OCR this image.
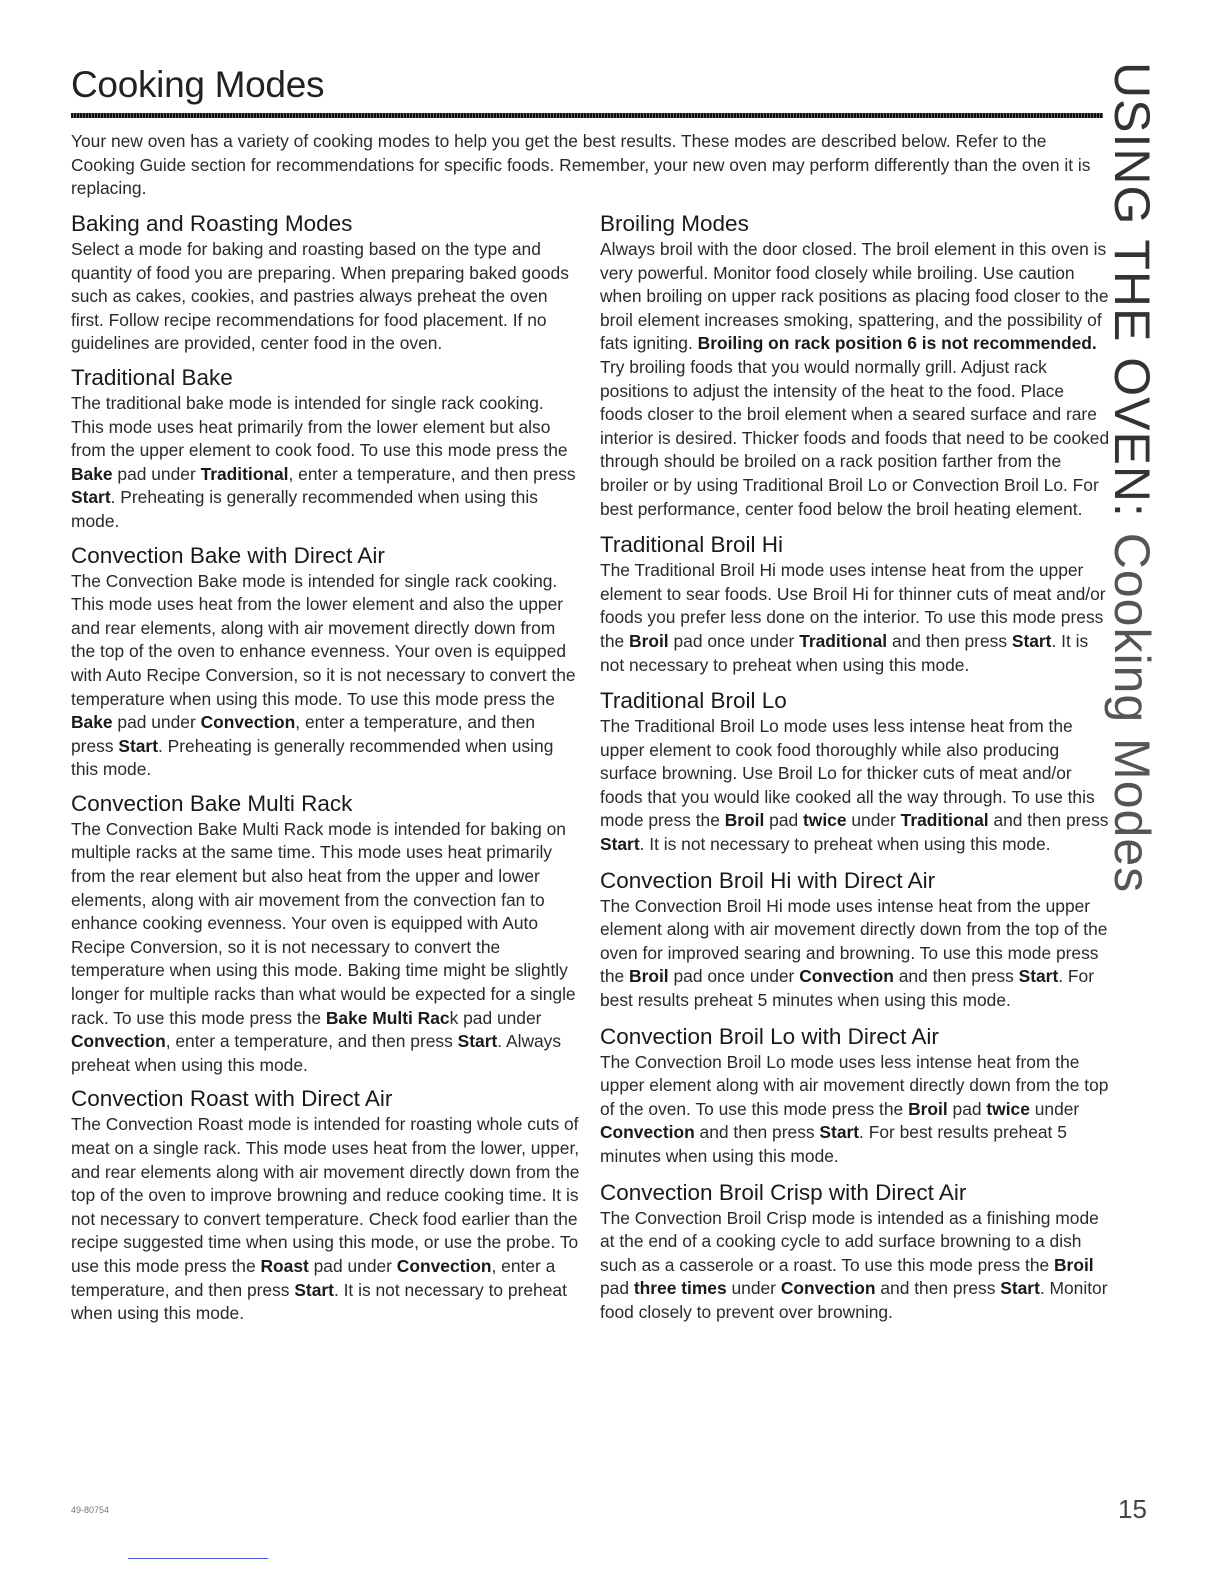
Cooking Modes

Your new oven has a variety of cooking modes to help you get the best results. These modes are described below. Refer to the Cooking Guide section for recommendations for specific foods. Remember, your new oven may perform differently than the oven it is replacing.

Baking and Roasting Modes

Select a mode for baking and roasting based on the type and quantity of food you are preparing. When preparing baked goods such as cakes, cookies, and pastries always preheat the oven first. Follow recipe recommendations for food placement. If no guidelines are provided, center food in the oven.

Traditional Bake

The traditional bake mode is intended for single rack cooking. This mode uses heat primarily from the lower element but also from the upper element to cook food. To use this mode press the Bake pad under Traditional, enter a temperature, and then press Start. Preheating is generally recommended when using this mode.

Convection Bake with Direct Air

The Convection Bake mode is intended for single rack cooking. This mode uses heat from the lower element and also the upper and rear elements, along with air movement directly down from the top of the oven to enhance evenness. Your oven is equipped with Auto Recipe Conversion, so it is not necessary to convert the temperature when using this mode. To use this mode press the Bake pad under Convection, enter a temperature, and then press Start. Preheating is generally recommended when using this mode.

Convection Bake Multi Rack

The Convection Bake Multi Rack mode is intended for baking on multiple racks at the same time. This mode uses heat primarily from the rear element but also heat from the upper and lower elements, along with air movement from the convection fan to enhance cooking evenness. Your oven is equipped with Auto Recipe Conversion, so it is not necessary to convert the temperature when using this mode. Baking time might be slightly longer for multiple racks than what would be expected for a single rack. To use this mode press the Bake Multi Rack pad under Convection, enter a temperature, and then press Start. Always preheat when using this mode.

Convection Roast with Direct Air

The Convection Roast mode is intended for roasting whole cuts of meat on a single rack. This mode uses heat from the lower, upper, and rear elements along with air movement directly down from the top of the oven to improve browning and reduce cooking time. It is not necessary to convert temperature. Check food earlier than the recipe suggested time when using this mode, or use the probe. To use this mode press the Roast pad under Convection, enter a temperature, and then press Start. It is not necessary to preheat when using this mode.

Broiling Modes

Always broil with the door closed. The broil element in this oven is very powerful. Monitor food closely while broiling. Use caution when broiling on upper rack positions as placing food closer to the broil element increases smoking, spattering, and the possibility of fats igniting. Broiling on rack position 6 is not recommended.

Try broiling foods that you would normally grill. Adjust rack positions to adjust the intensity of the heat to the food. Place foods closer to the broil element when a seared surface and rare interior is desired. Thicker foods and foods that need to be cooked through should be broiled on a rack position farther from the broiler or by using Traditional Broil Lo or Convection Broil Lo. For best performance, center food below the broil heating element.

Traditional Broil Hi

The Traditional Broil Hi mode uses intense heat from the upper element to sear foods. Use Broil Hi for thinner cuts of meat and/or foods you prefer less done on the interior. To use this mode press the Broil pad once under Traditional and then press Start. It is not necessary to preheat when using this mode.

Traditional Broil Lo

The Traditional Broil Lo mode uses less intense heat from the upper element to cook food thoroughly while also producing surface browning. Use Broil Lo for thicker cuts of meat and/or foods that you would like cooked all the way through. To use this mode press the Broil pad twice under Traditional and then press Start. It is not necessary to preheat when using this mode.

Convection Broil Hi with Direct Air

The Convection Broil Hi mode uses intense heat from the upper element along with air movement directly down from the top of the oven for improved searing and browning. To use this mode press the Broil pad once under Convection and then press Start. For best results preheat 5 minutes when using this mode.

Convection Broil Lo with Direct Air

The Convection Broil Lo mode uses less intense heat from the upper element along with air movement directly down from the top of the oven. To use this mode press the Broil pad twice under Convection and then press Start. For best results preheat 5 minutes when using this mode.

Convection Broil Crisp with Direct Air

The Convection Broil Crisp mode is intended as a finishing mode at the end of a cooking cycle to add surface browning to a dish such as a casserole or a roast. To use this mode press the Broil pad three times under Convection and then press Start. Monitor food closely to prevent over browning.

USING THE OVEN: Cooking Modes
49-80754	15
